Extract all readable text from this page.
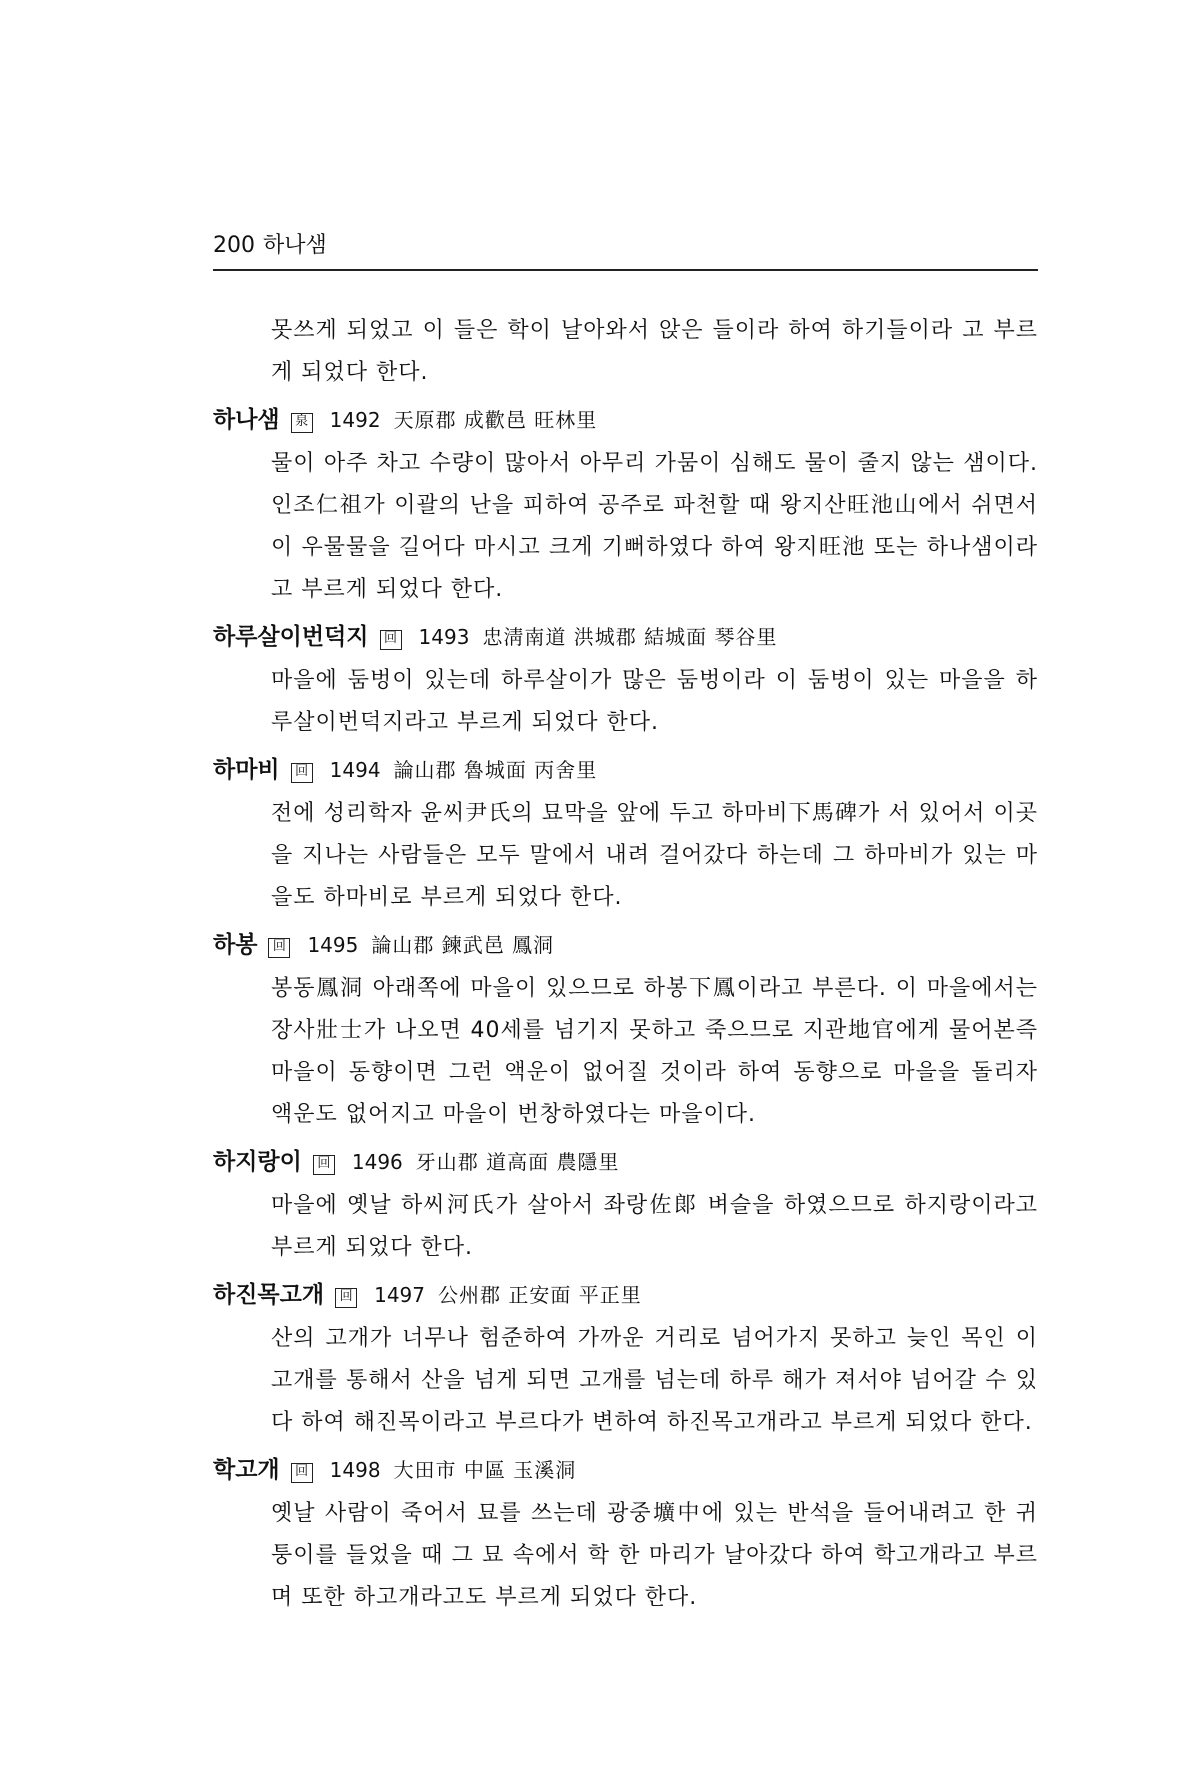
200 하나샘

못쓰게 되었고 이 들은 학이 날아와서 앉은 들이라 하여 하기들이라 고 부르게 되었다 한다.

하나샘 泉 1492 天原郡 成歡邑 旺林里

물이 아주 차고 수량이 많아서 아무리 가뭄이 심해도 물이 줄지 않는 샘이다. 인조仁祖가 이괄의 난을 피하여 공주로 파천할 때 왕지산旺池山에서 쉬면서 이 우물물을 길어다 마시고 크게 기뻐하였다 하여 왕지旺池 또는 하나샘이라고 부르게 되었다 한다.

하루살이번덕지 回 1493 忠淸南道 洪城郡 結城面 琴谷里

마을에 둠벙이 있는데 하루살이가 많은 둠벙이라 이 둠벙이 있는 마을을 하루살이번덕지라고 부르게 되었다 한다.

하마비 回 1494 論山郡 魯城面 丙舍里

전에 성리학자 윤씨尹氏의 묘막을 앞에 두고 하마비下馬碑가 서 있어서 이곳을 지나는 사람들은 모두 말에서 내려 걸어갔다 하는데 그 하마비가 있는 마을도 하마비로 부르게 되었다 한다.

하봉 回 1495 論山郡 鍊武邑 鳳洞

봉동鳳洞 아래쪽에 마을이 있으므로 하봉下鳳이라고 부른다. 이 마을에서는 장사壯士가 나오면 40세를 넘기지 못하고 죽으므로 지관地官에게 물어본즉 마을이 동향이면 그런 액운이 없어질 것이라 하여 동향으로 마을을 돌리자 액운도 없어지고 마을이 번창하였다는 마을이다.

하지랑이 回 1496 牙山郡 道高面 農隱里

마을에 옛날 하씨河氏가 살아서 좌랑佐郞 벼슬을 하였으므로 하지랑이라고 부르게 되었다 한다.

하진목고개 回 1497 公州郡 正安面 平正里

산의 고개가 너무나 험준하여 가까운 거리로 넘어가지 못하고 늦인 목인 이 고개를 통해서 산을 넘게 되면 고개를 넘는데 하루 해가 져서야 넘어갈 수 있다 하여 해진목이라고 부르다가 변하여 하진목고개라고 부르게 되었다 한다.

학고개 回 1498 大田市 中區 玉溪洞

옛날 사람이 죽어서 묘를 쓰는데 광중壙中에 있는 반석을 들어내려고 한 귀퉁이를 들었을 때 그 묘 속에서 학 한 마리가 날아갔다 하여 학고개라고 부르며 또한 하고개라고도 부르게 되었다 한다.
